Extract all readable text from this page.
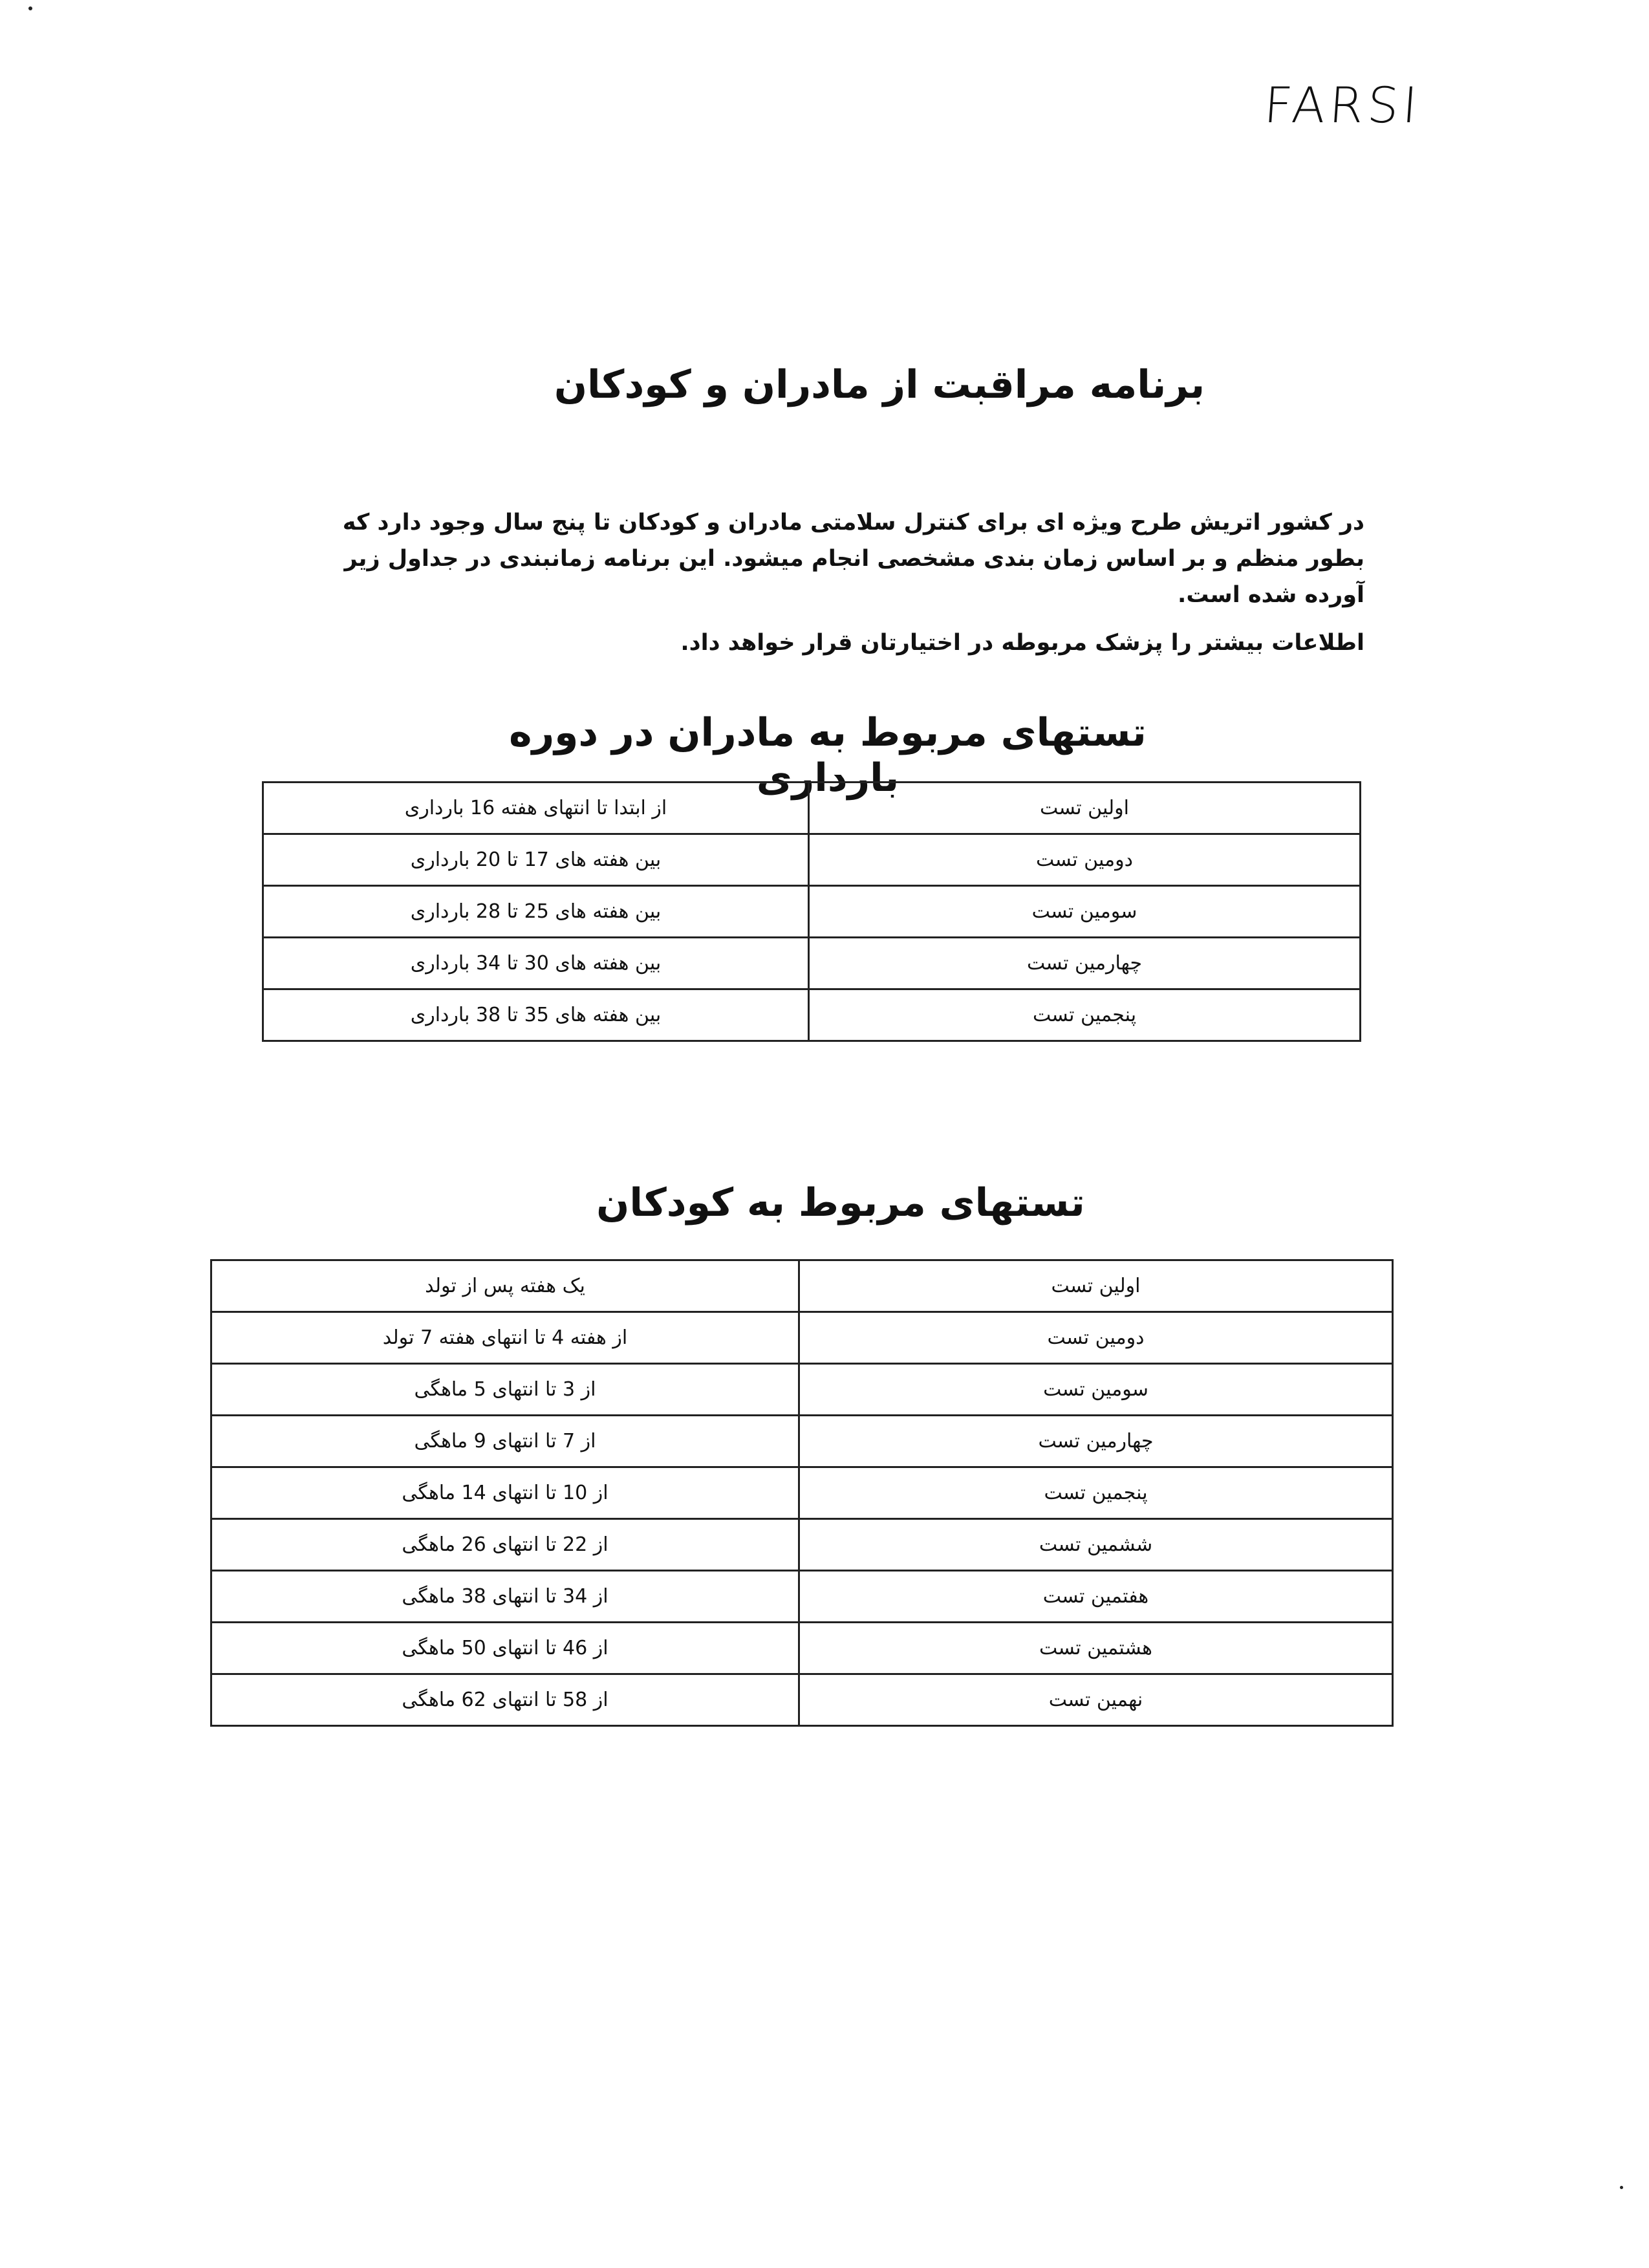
FARSI
برنامه مراقبت از مادران و کودکان

در کشور اتریش طرح ویژه ای برای کنترل سلامتی مادران و کودکان تا پنج سال وجود دارد که بطور منظم و بر اساس زمان بندی مشخصی انجام میشود. این برنامه زمانبندی در جداول زیر آورده شده است.

اطلاعات بیشتر را پزشک مربوطه در اختیارتان قرار خواهد داد.

تستهای مربوط به مادران در دوره بارداری
اولین تست	از ابتدا تا انتهای هفته 16 بارداری
دومین تست	بین هفته های 17 تا 20 بارداری
سومین تست	بین هفته های 25 تا 28 بارداری
چهارمین تست	بین هفته های 30 تا 34 بارداری
پنجمین تست	بین هفته های 35 تا 38 بارداری
تستهای مربوط به کودکان
اولین تست	یک هفته پس از تولد
دومین تست	از هفته 4 تا انتهای هفته 7 تولد
سومین تست	از 3 تا انتهای 5 ماهگی
چهارمین تست	از 7 تا انتهای 9 ماهگی
پنجمین تست	از 10 تا انتهای 14 ماهگی
ششمین تست	از 22 تا انتهای 26 ماهگی
هفتمین تست	از 34 تا انتهای 38 ماهگی
هشتمین تست	از 46 تا انتهای 50 ماهگی
نهمین تست	از 58 تا انتهای 62 ماهگی
